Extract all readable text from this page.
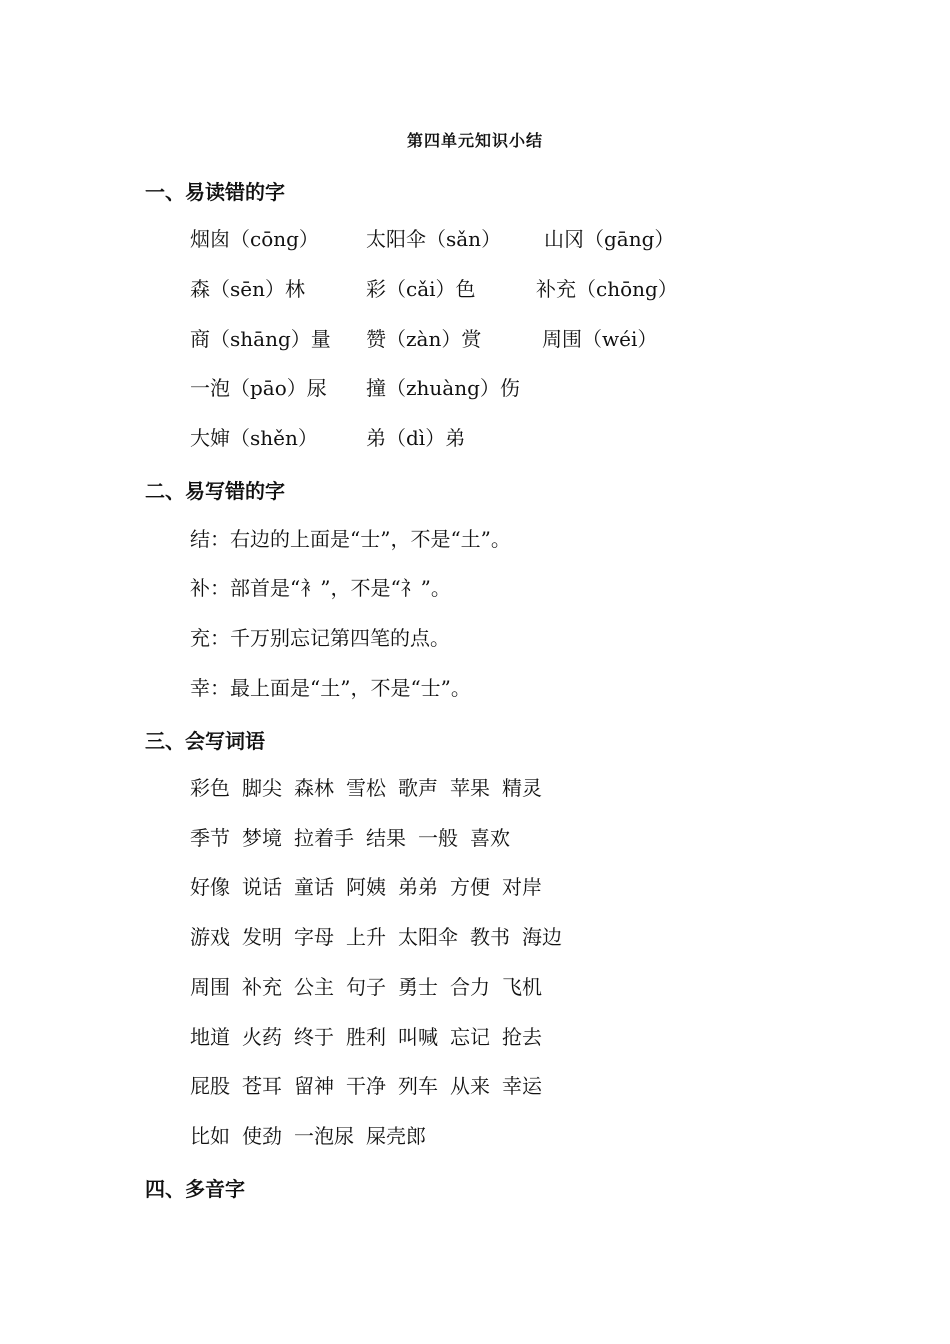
第四单元知识小结
一、易读错的字
烟囱（cōng） 太阳伞（sǎn） 山冈（gāng）
森（sēn）林	彩（cǎi）色	补充（chōng）
商（shāng）量 赞（zàn）赏	周围（wéi）
一泡（pāo）尿 撞（zhuàng）伤
大婶（shěn） 弟（dì）弟
二、易写错的字
结：右边的上面是“士”，不是“土”。
补：部首是“衤”，不是“礻”。
充：千万别忘记第四笔的点。
幸：最上面是“土”，不是“士”。
三、会写词语
彩色 脚尖 森林 雪松 歌声 苹果 精灵
季节 梦境 拉着手 结果 一般 喜欢
好像 说话 童话 阿姨 弟弟 方便 对岸
游戏 发明 字母 上升 太阳伞 教书 海边
周围 补充 公主 句子 勇士 合力 飞机
地道 火药 终于 胜利 叫喊 忘记 抢去
屁股 苍耳 留神 干净 列车 从来 幸运
比如 使劲 一泡尿 屎壳郎
四、多音字
